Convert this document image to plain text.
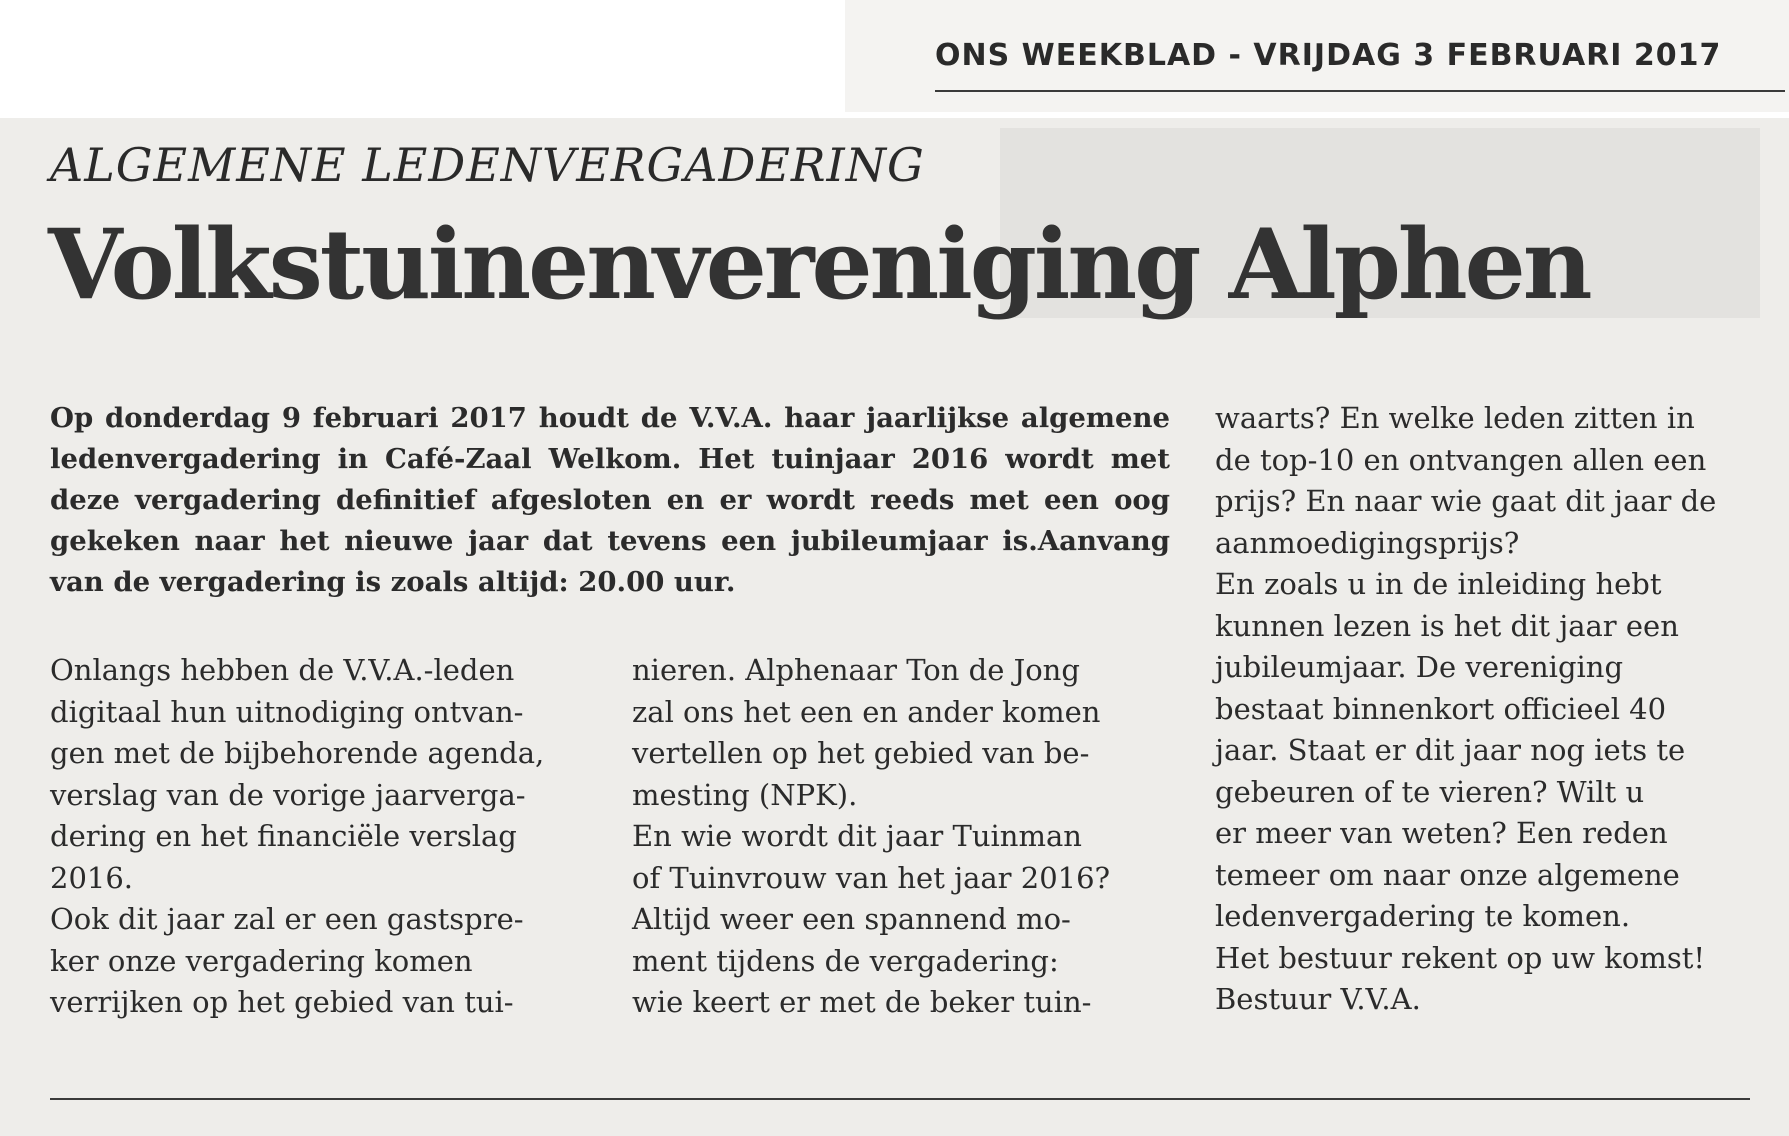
ONS WEEKBLAD - VRIJDAG 3 FEBRUARI 2017
ALGEMENE LEDENVERGADERING
Volkstuinenvereniging Alphen

Op donderdag 9 februari 2017 houdt de V.V.A. haar jaarlijkse algemene ledenvergadering in Café-Zaal Welkom. Het tuinjaar 2016 wordt met deze vergadering definitief afgesloten en er wordt reeds met een oog gekeken naar het nieuwe jaar dat tevens een jubileumjaar is.Aanvang van de vergadering is zoals altijd: 20.00 uur.

Onlangs hebben de V.V.A.-leden

digitaal hun uitnodiging ontvan-

gen met de bijbehorende agenda,

verslag van de vorige jaarverga-

dering en het financiële verslag

2016.

Ook dit jaar zal er een gastspre-

ker onze vergadering komen

verrijken op het gebied van tui-

nieren. Alphenaar Ton de Jong

zal ons het een en ander komen

vertellen op het gebied van be-

mesting (NPK).

En wie wordt dit jaar Tuinman

of Tuinvrouw van het jaar 2016?

Altijd weer een spannend mo-

ment tijdens de vergadering:

wie keert er met de beker tuin-

waarts? En welke leden zitten in

de top-10 en ontvangen allen een

prijs? En naar wie gaat dit jaar de

aanmoedigingsprijs?

En zoals u in de inleiding hebt

kunnen lezen is het dit jaar een

jubileumjaar. De vereniging

bestaat binnenkort officieel 40

jaar. Staat er dit jaar nog iets te

gebeuren of te vieren? Wilt u

er meer van weten? Een reden

temeer om naar onze algemene

ledenvergadering te komen.

Het bestuur rekent op uw komst!

Bestuur V.V.A.
